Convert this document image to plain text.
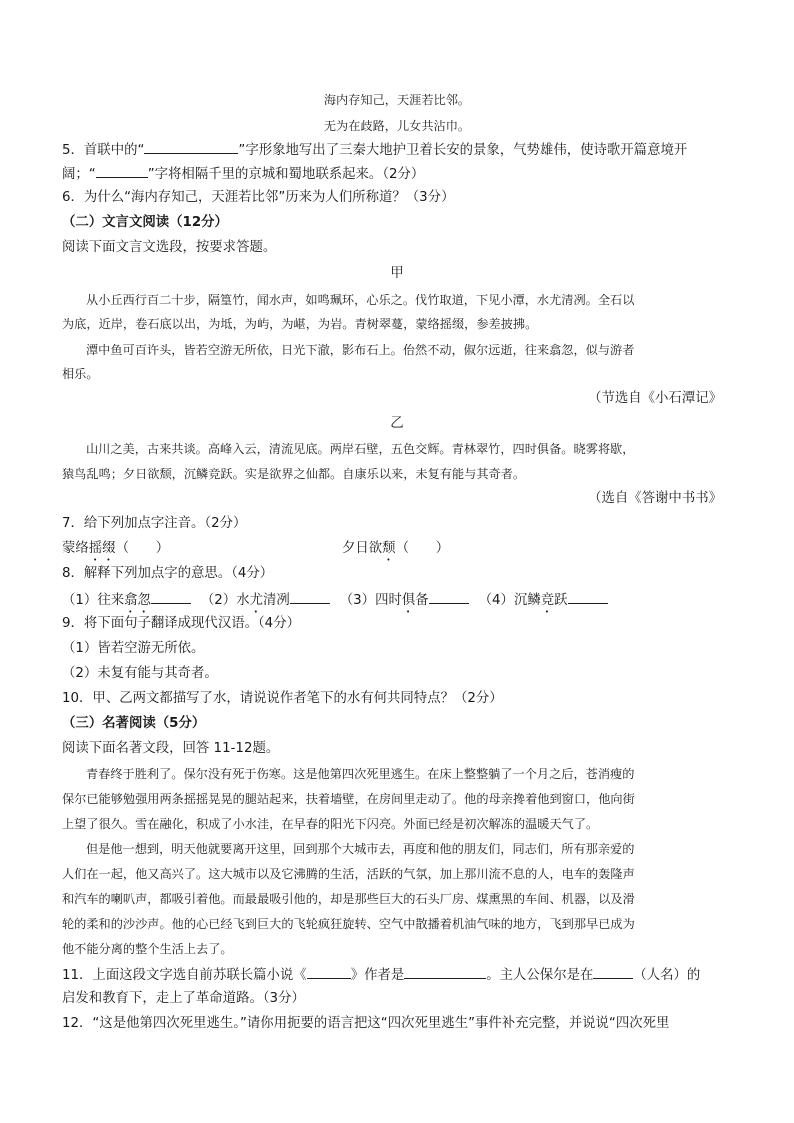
海内存知己，天涯若比邻。
无为在歧路，儿女共沾巾。
5．首联中的“	”字形象地写出了三秦大地护卫着长安的景象，气势雄伟，使诗歌开篇意境开
阔；“	”字将相隔千里的京城和蜀地联系起来。（2分）
6．为什么“海内存知己，天涯若比邻”历来为人们所称道？（3分）
（二）文言文阅读（12分）
阅读下面文言文选段，按要求答题。
甲
从小丘西行百二十步，隔篁竹，闻水声，如鸣珮环，心乐之。伐竹取道，下见小潭，水尤清冽。全石以
为底，近岸，卷石底以出，为坻，为屿，为嵁，为岩。青树翠蔓，蒙络摇缀，参差披拂。
潭中鱼可百许头，皆若空游无所依，日光下澈，影布石上。佁然不动，俶尔远逝，往来翕忽，似与游者
相乐。
（节选自《小石潭记》
乙
山川之美，古来共谈。高峰入云，清流见底。两岸石壁，五色交辉。青林翠竹，四时俱备。晓雾将歇，
猿鸟乱鸣；夕日欲颓，沉鳞竞跃。实是欲界之仙都。自康乐以来，未复有能与其奇者。
（选自《答谢中书书》
7．给下列加点字注音。（2分）
蒙络摇缀（　　）	夕日欲颓（　　）
8．解释下列加点字的意思。（4分）
（1）往来翕忽	（2）水尤清冽	（3）四时俱备	（4）沉鳞竞跃
9．将下面句子翻译成现代汉语。（4分）
（1）皆若空游无所依。
（2）未复有能与其奇者。
10．甲、乙两文都描写了水，请说说作者笔下的水有何共同特点？（2分）
（三）名著阅读（5分）
阅读下面名著文段，回答 11-12题。
青春终于胜利了。保尔没有死于伤寒。这是他第四次死里逃生。在床上整整躺了一个月之后，苍消瘦的
保尔已能够勉强用两条摇摇晃晃的腿站起来，扶着墙壁，在房间里走动了。他的母亲搀着他到窗口，他向街
上望了很久。雪在融化，积成了小水洼，在早春的阳光下闪亮。外面已经是初次解冻的温暖天气了。
但是他一想到，明天他就要离开这里，回到那个大城市去，再度和他的朋友们，同志们，所有那亲爱的
人们在一起，他又高兴了。这大城市以及它沸腾的生活，活跃的气氛，加上那川流不息的人，电车的轰隆声
和汽车的喇叭声，都吸引着他。而最最吸引他的，却是那些巨大的石头厂房、煤熏黑的车间、机器，以及滑
轮的柔和的沙沙声。他的心已经飞到巨大的飞轮疯狂旋转、空气中散播着机油气味的地方，飞到那早已成为
他不能分离的整个生活上去了。
11．上面这段文字选自前苏联长篇小说《	》作者是	。主人公保尔是在	（人名）的
启发和教育下，走上了革命道路。（3分）
12．“这是他第四次死里逃生。”请你用扼要的语言把这“四次死里逃生”事件补充完整，并说说“四次死里
